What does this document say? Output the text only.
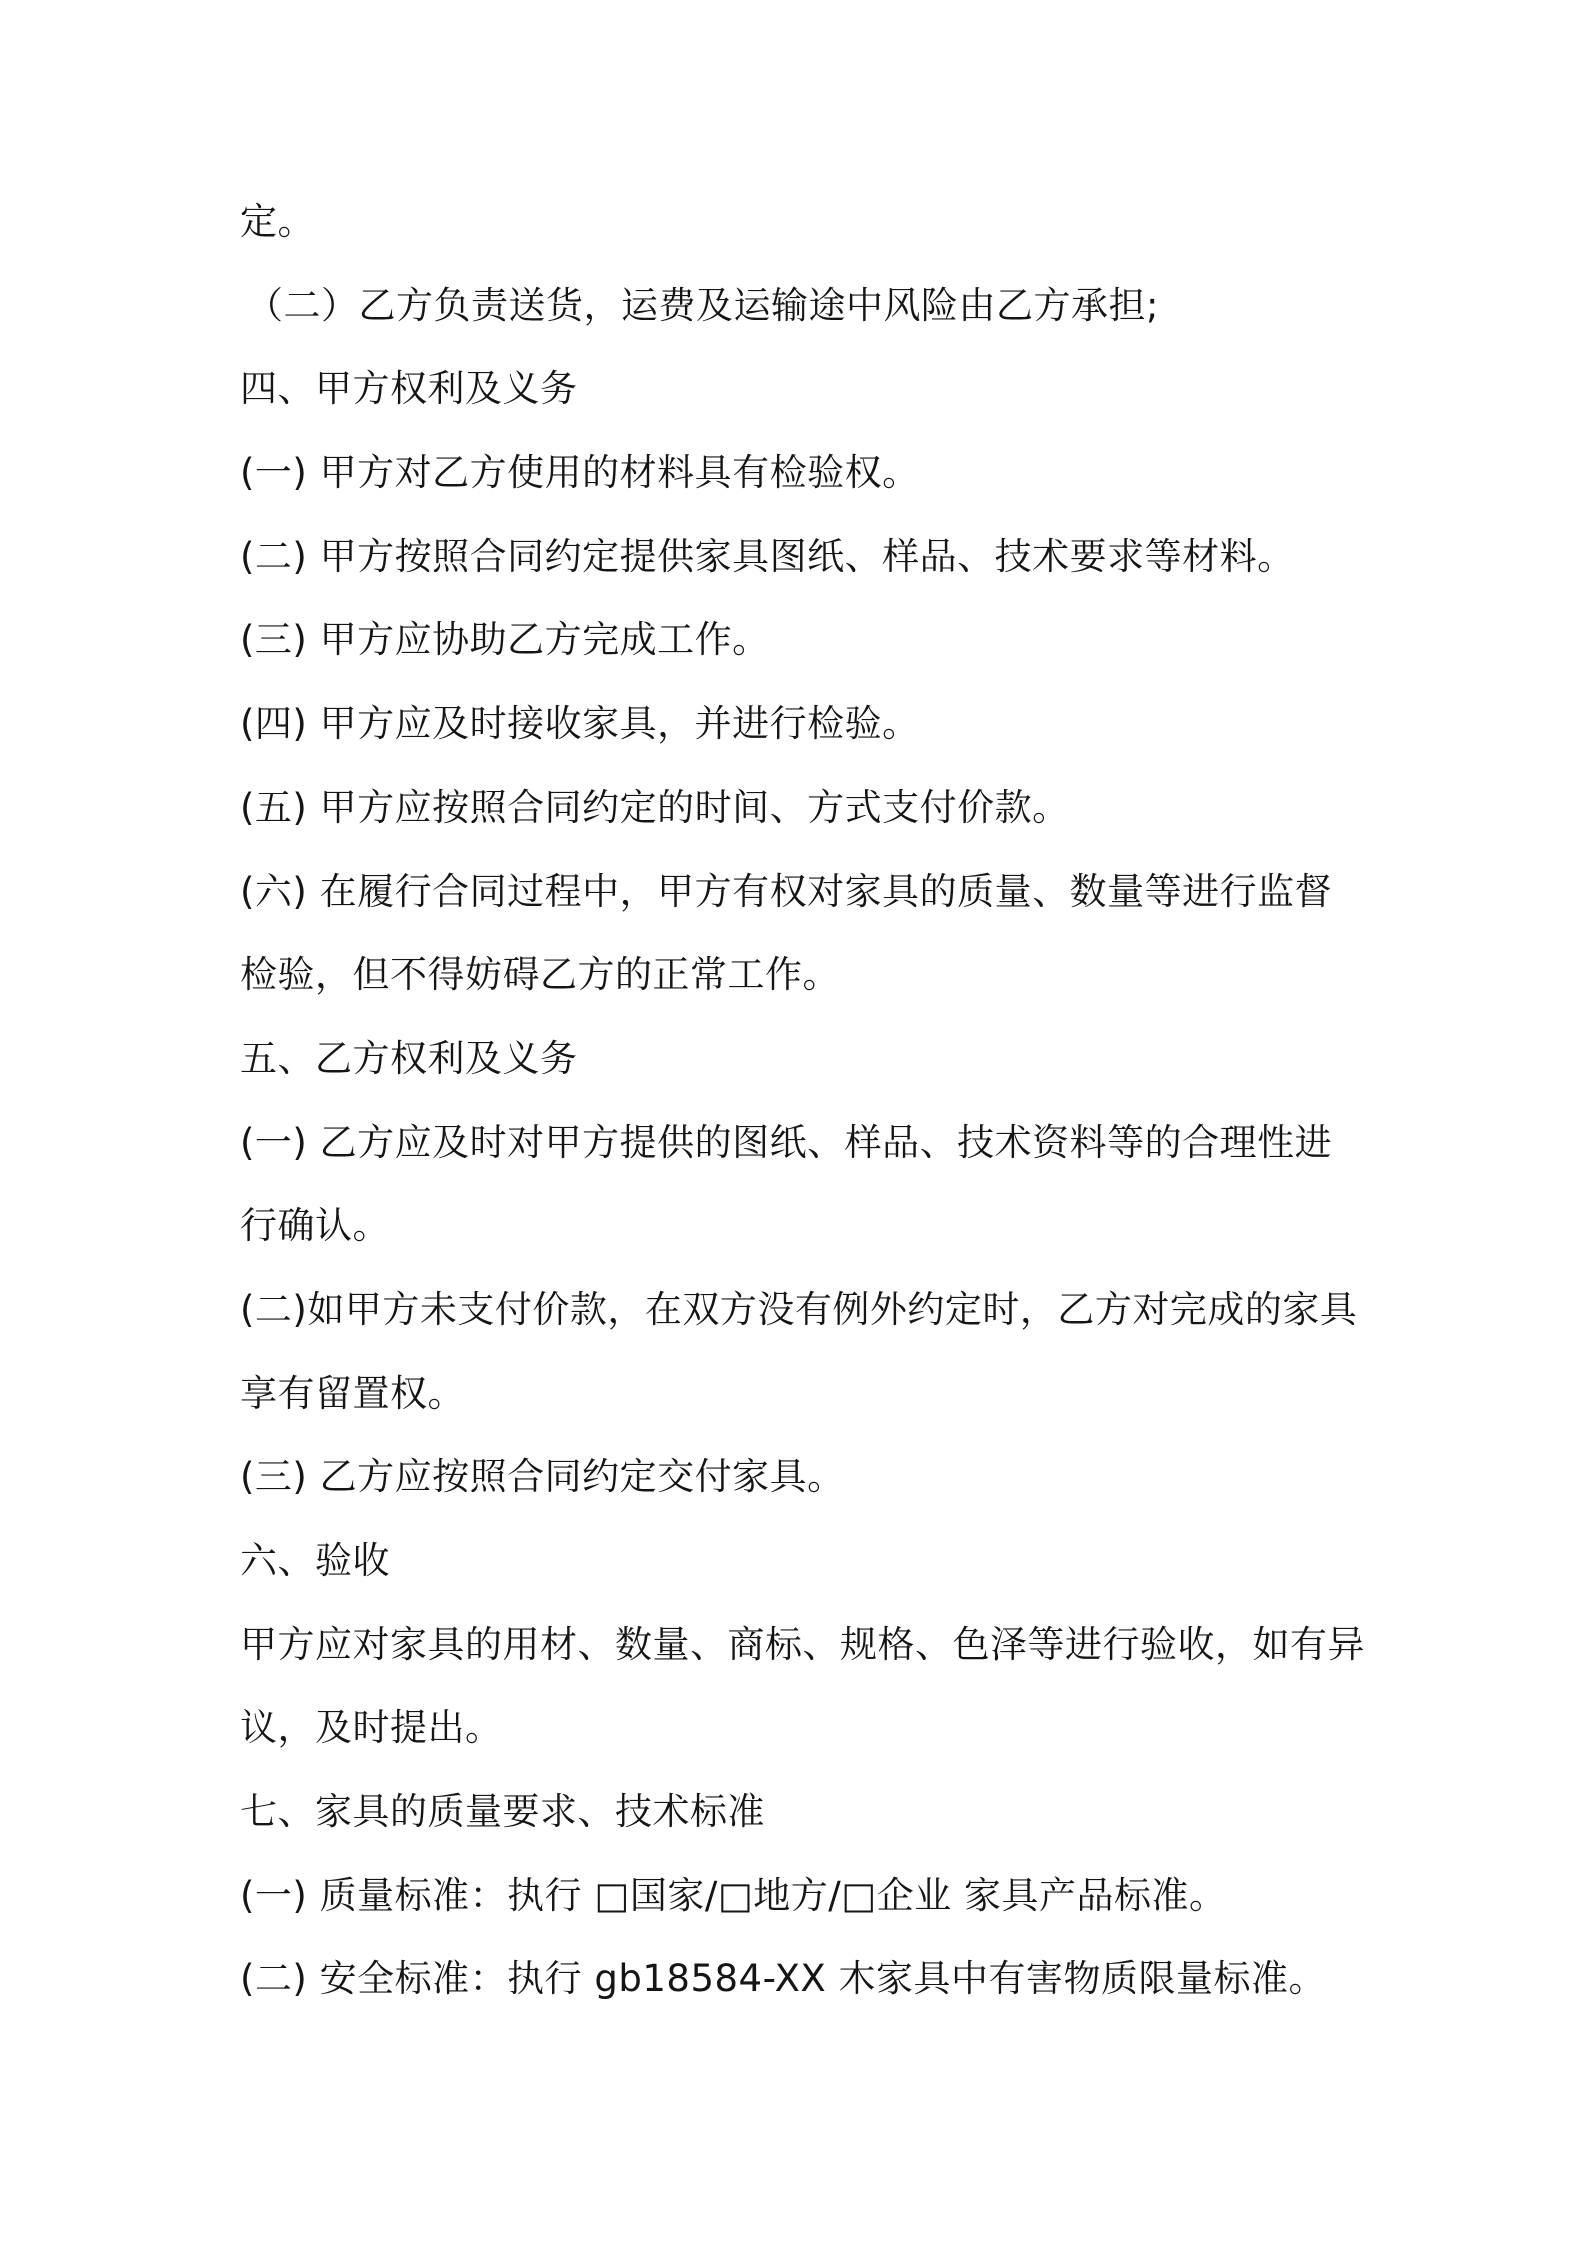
定。
（二）乙方负责送货，运费及运输途中风险由乙方承担;
四、甲方权利及义务
(一) 甲方对乙方使用的材料具有检验权。
(二) 甲方按照合同约定提供家具图纸、样品、技术要求等材料。
(三) 甲方应协助乙方完成工作。
(四) 甲方应及时接收家具，并进行检验。
(五) 甲方应按照合同约定的时间、方式支付价款。
(六) 在履行合同过程中，甲方有权对家具的质量、数量等进行监督
检验，但不得妨碍乙方的正常工作。
五、乙方权利及义务
(一) 乙方应及时对甲方提供的图纸、样品、技术资料等的合理性进
行确认。
(二)如甲方未支付价款，在双方没有例外约定时，乙方对完成的家具
享有留置权。
(三) 乙方应按照合同约定交付家具。
六、验收
甲方应对家具的用材、数量、商标、规格、色泽等进行验收，如有异
议，及时提出。
七、家具的质量要求、技术标准
(一) 质量标准：执行 □国家/□地方/□企业 家具产品标准。
(二) 安全标准：执行 gb18584-XX 木家具中有害物质限量标准。
